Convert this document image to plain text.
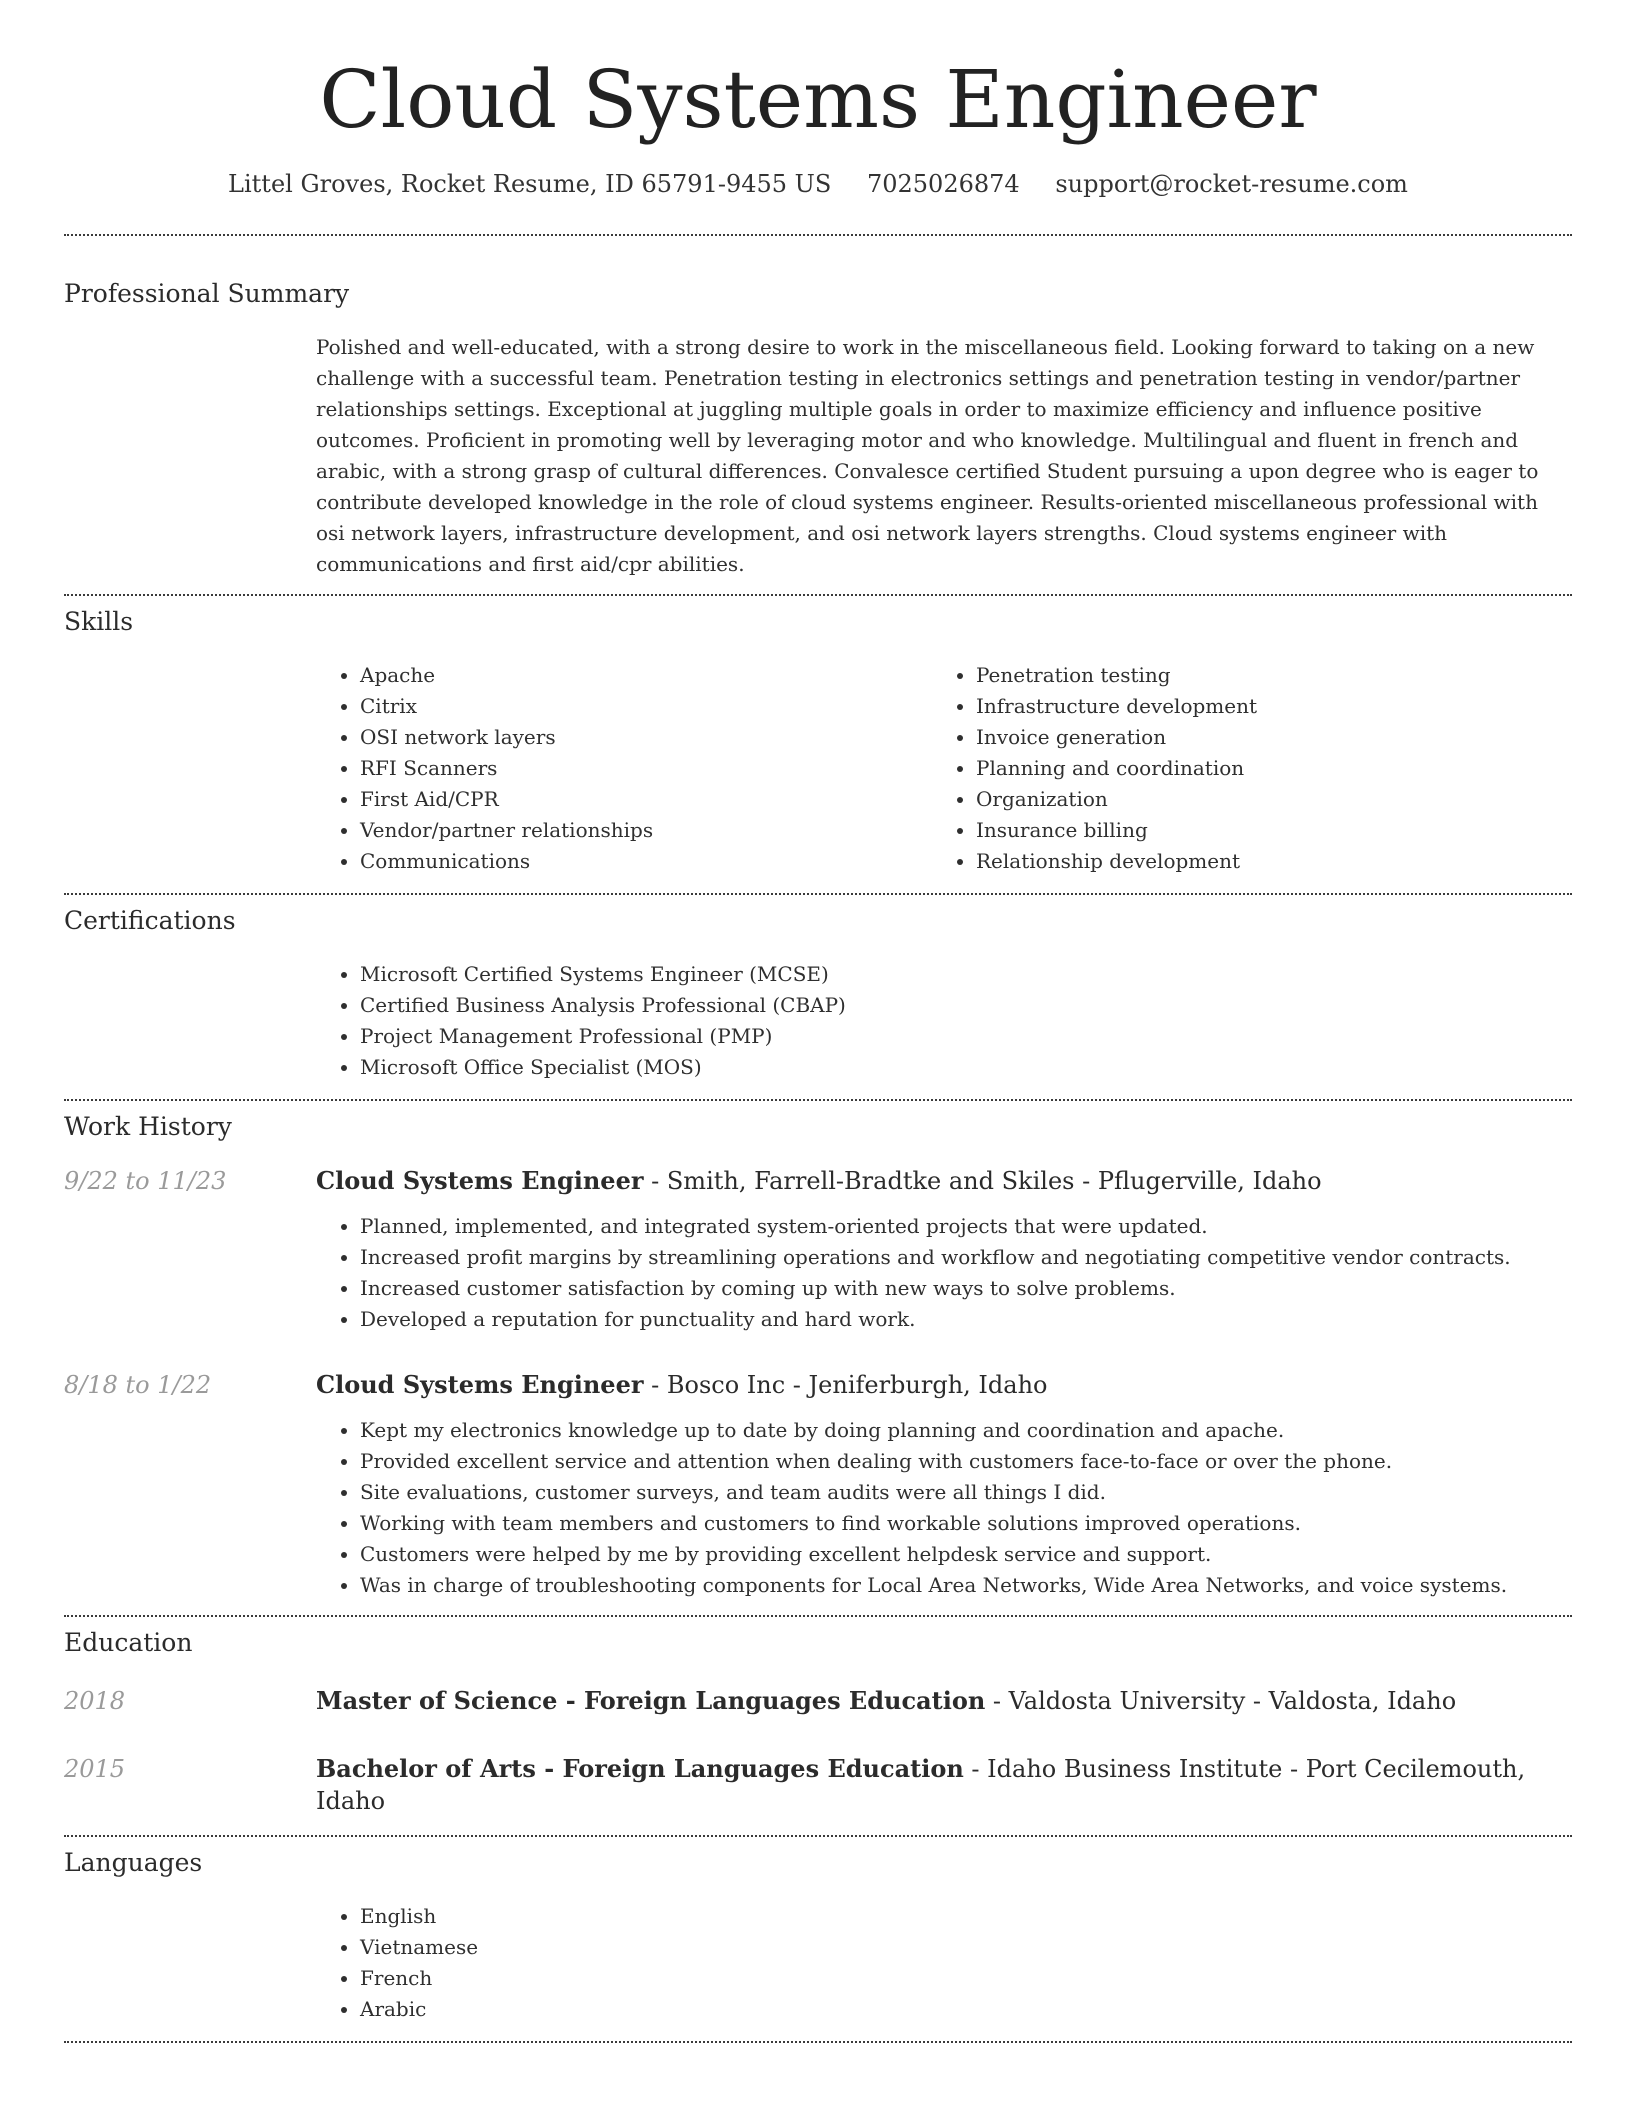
Cloud Systems Engineer
Littel Groves, Rocket Resume, ID 65791-9455 US 7025026874 support@rocket-resume.com
Professional Summary

Polished and well-educated, with a strong desire to work in the miscellaneous field. Looking forward to taking on a new challenge with a successful team. Penetration testing in electronics settings and penetration testing in vendor/partner relationships settings. Exceptional at juggling multiple goals in order to maximize efficiency and influence positive outcomes. Proficient in promoting well by leveraging motor and who knowledge. Multilingual and fluent in french and arabic, with a strong grasp of cultural differences. Convalesce certified Student pursuing a upon degree who is eager to contribute developed knowledge in the role of cloud systems engineer. Results-oriented miscellaneous professional with osi network layers, infrastructure development, and osi network layers strengths. Cloud systems engineer with communications and first aid/cpr abilities.

Skills
• Apache
• Citrix
• OSI network layers
• RFI Scanners
• First Aid/CPR
• Vendor/partner relationships
• Communications
• Penetration testing
• Infrastructure development
• Invoice generation
• Planning and coordination
• Organization
• Insurance billing
• Relationship development
Certifications
• Microsoft Certified Systems Engineer (MCSE)
• Certified Business Analysis Professional (CBAP)
• Project Management Professional (PMP)
• Microsoft Office Specialist (MOS)
Work History
9/22 to 11/23	Cloud Systems Engineer - Smith, Farrell-Bradtke and Skiles - Pflugerville, Idaho
• Planned, implemented, and integrated system-oriented projects that were updated.
• Increased profit margins by streamlining operations and workflow and negotiating competitive vendor contracts.
• Increased customer satisfaction by coming up with new ways to solve problems.
• Developed a reputation for punctuality and hard work.
8/18 to 1/22	Cloud Systems Engineer - Bosco Inc - Jeniferburgh, Idaho
• Kept my electronics knowledge up to date by doing planning and coordination and apache.
• Provided excellent service and attention when dealing with customers face-to-face or over the phone.
• Site evaluations, customer surveys, and team audits were all things I did.
• Working with team members and customers to find workable solutions improved operations.
• Customers were helped by me by providing excellent helpdesk service and support.
• Was in charge of troubleshooting components for Local Area Networks, Wide Area Networks, and voice systems.
Education
2018	Master of Science - Foreign Languages Education - Valdosta University - Valdosta, Idaho
2015	Bachelor of Arts - Foreign Languages Education - Idaho Business Institute - Port Cecilemouth, Idaho
Languages
• English
• Vietnamese
• French
• Arabic
